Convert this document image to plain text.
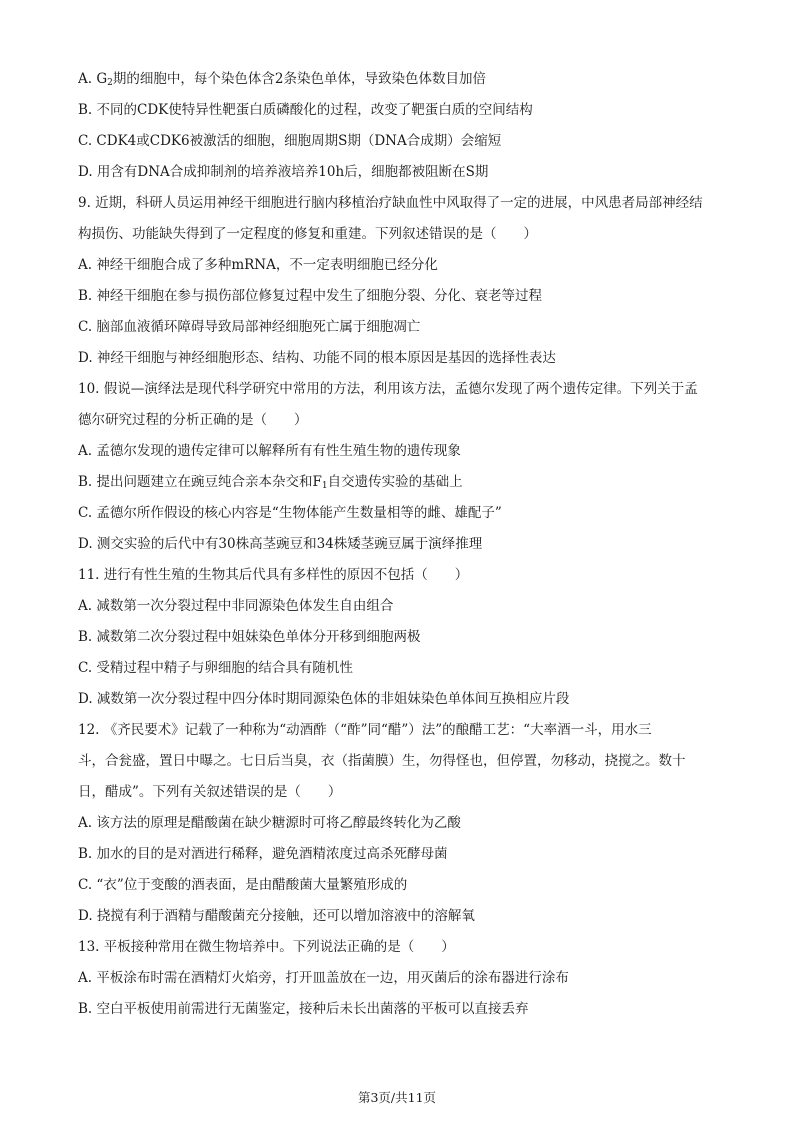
A. $G_2$期的细胞中，每个染色体含2条染色单体，导致染色体数目加倍
B. 不同的CDK使特异性靶蛋白质磷酸化的过程，改变了靶蛋白质的空间结构
C. CDK4或CDK6被激活的细胞，细胞周期S期（DNA合成期）会缩短
D. 用含有DNA合成抑制剂的培养液培养10h后，细胞都被阻断在S期
9. 近期，科研人员运用神经干细胞进行脑内移植治疗缺血性中风取得了一定的进展，中风患者局部神经结
构损伤、功能缺失得到了一定程度的修复和重建。下列叙述错误的是（　　）
A. 神经干细胞合成了多种mRNA，不一定表明细胞已经分化
B. 神经干细胞在参与损伤部位修复过程中发生了细胞分裂、分化、衰老等过程
C. 脑部血液循环障碍导致局部神经细胞死亡属于细胞凋亡
D. 神经干细胞与神经细胞形态、结构、功能不同的根本原因是基因的选择性表达
10. 假说—演绎法是现代科学研究中常用的方法，利用该方法，孟德尔发现了两个遗传定律。下列关于孟
德尔研究过程的分析正确的是（　　）
A. 孟德尔发现的遗传定律可以解释所有有性生殖生物的遗传现象
B. 提出问题建立在豌豆纯合亲本杂交和$F_1$自交遗传实验的基础上
C. 孟德尔所作假设的核心内容是“生物体能产生数量相等的雌、雄配子”
D. 测交实验的后代中有30株高茎豌豆和34株矮茎豌豆属于演绎推理
11. 进行有性生殖的生物其后代具有多样性的原因不包括（　　）
A. 减数第一次分裂过程中非同源染色体发生自由组合
B. 减数第二次分裂过程中姐妹染色单体分开移到细胞两极
C. 受精过程中精子与卵细胞的结合具有随机性
D. 减数第一次分裂过程中四分体时期同源染色体的非姐妹染色单体间互换相应片段
12. 《齐民要术》记载了一种称为“动酒酢（“酢”同“醋”）法”的酿醋工艺：“大率酒一斗，用水三
斗，合瓮盛，置日中曝之。七日后当臭，衣（指菌膜）生，勿得怪也，但停置，勿移动，挠搅之。数十
日，醋成”。下列有关叙述错误的是（　　）
A. 该方法的原理是醋酸菌在缺少糖源时可将乙醇最终转化为乙酸
B. 加水的目的是对酒进行稀释，避免酒精浓度过高杀死酵母菌
C. “衣”位于变酸的酒表面，是由醋酸菌大量繁殖形成的
D. 挠搅有利于酒精与醋酸菌充分接触，还可以增加溶液中的溶解氧
13. 平板接种常用在微生物培养中。下列说法正确的是（　　）
A. 平板涂布时需在酒精灯火焰旁，打开皿盖放在一边，用灭菌后的涂布器进行涂布
B. 空白平板使用前需进行无菌鉴定，接种后未长出菌落的平板可以直接丢弃
第3页/共11页
